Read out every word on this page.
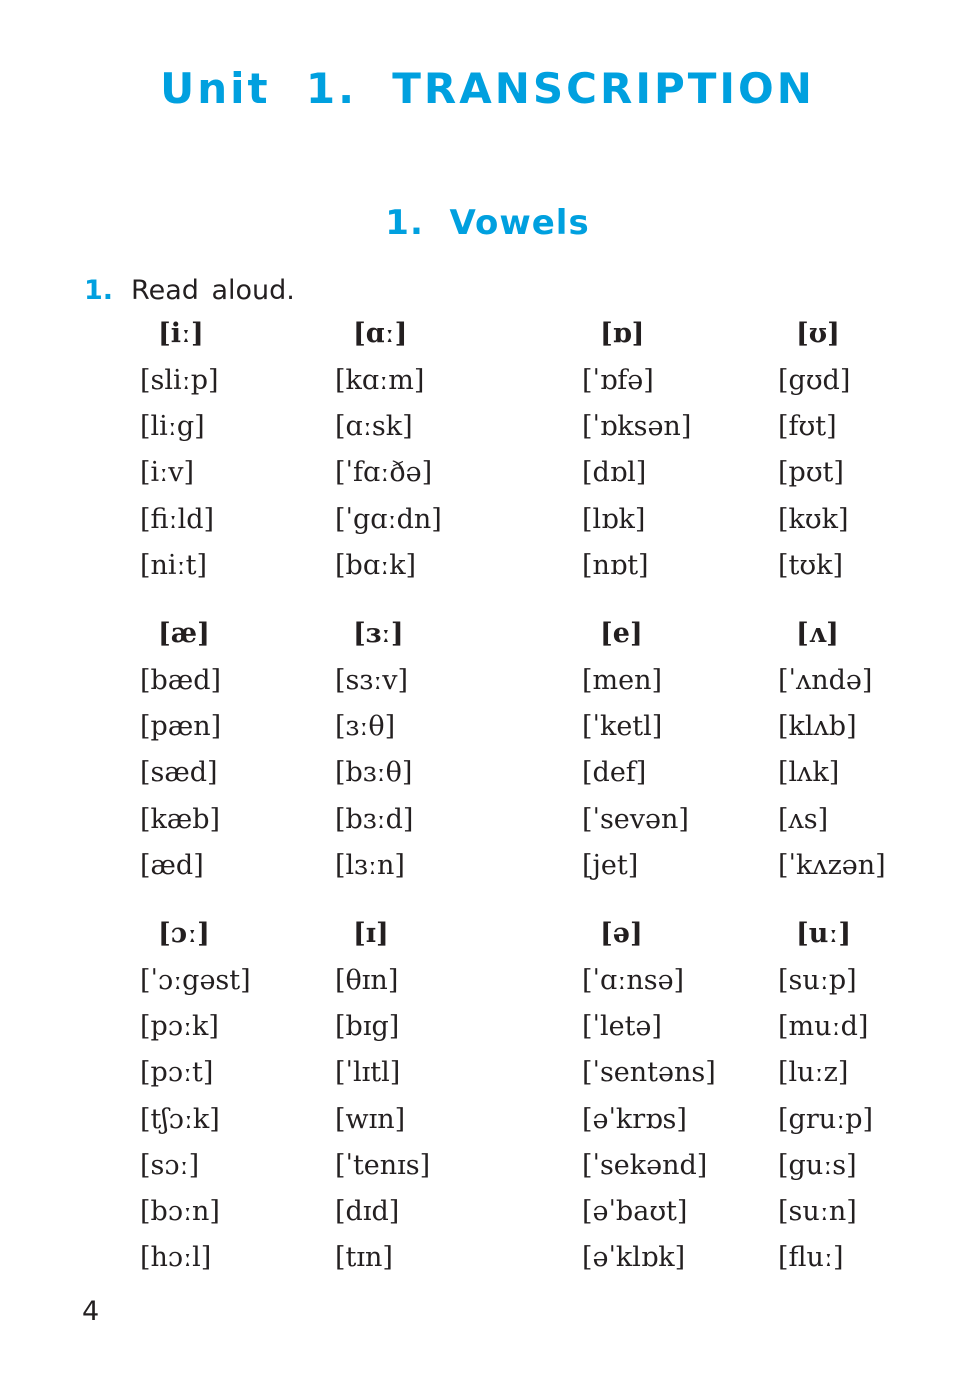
Unit  1.  TRANSCRIPTION
1.  Vowels
1. Read aloud.
[iː]
[sliːp]
[liːg]
[iːv]
[fiːld]
[niːt]
[ɑː]
[kɑːm]
[ɑːsk]
[ˈfɑːðə]
[ˈgɑːdn]
[bɑːk]
[ɒ]
[ˈɒfə]
[ˈɒksən]
[dɒl]
[lɒk]
[nɒt]
[ʊ]
[gʊd]
[fʊt]
[pʊt]
[kʊk]
[tʊk]
[æ]
[bæd]
[pæn]
[sæd]
[kæb]
[æd]
[ɜː]
[sɜːv]
[ɜːθ]
[bɜːθ]
[bɜːd]
[lɜːn]
[e]
[men]
[ˈketl]
[def]
[ˈsevən]
[jet]
[ʌ]
[ˈʌndə]
[klʌb]
[lʌk]
[ʌs]
[ˈkʌzən]
[ɔː]
[ˈɔːgəst]
[pɔːk]
[pɔːt]
[tʃɔːk]
[sɔː]
[bɔːn]
[hɔːl]
[ɪ]
[θɪn]
[bɪg]
[ˈlɪtl]
[wɪn]
[ˈtenɪs]
[dɪd]
[tɪn]
[ə]
[ˈɑːnsə]
[ˈletə]
[ˈsentəns]
[əˈkrɒs]
[ˈsekənd]
[əˈbaʊt]
[əˈklɒk]
[uː]
[suːp]
[muːd]
[luːz]
[gruːp]
[guːs]
[suːn]
[fluː]
4
